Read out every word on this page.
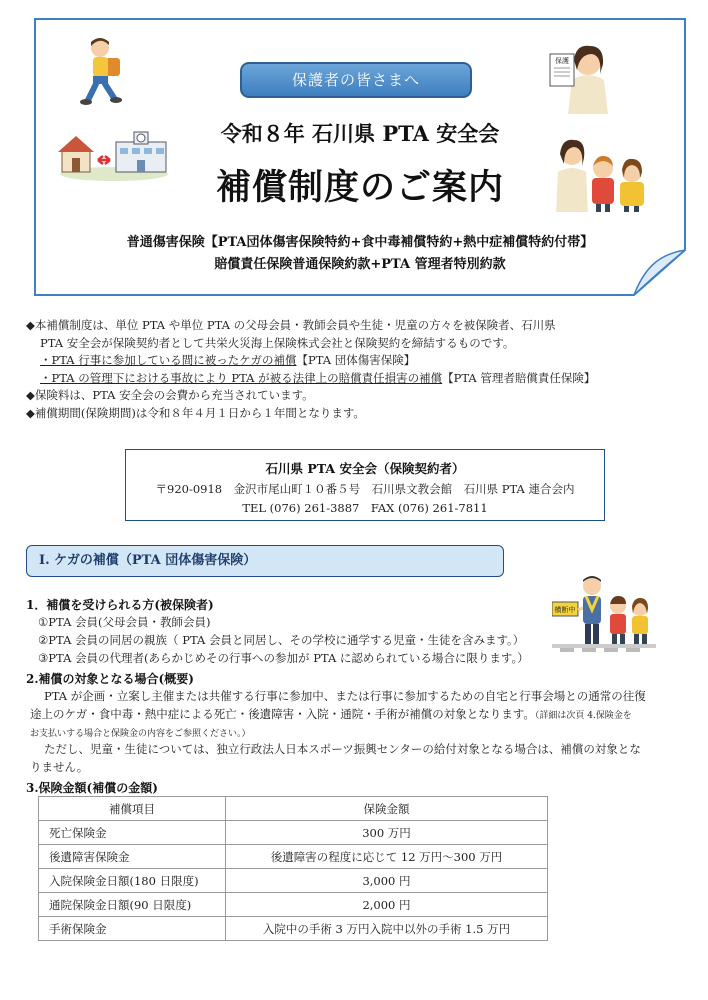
保護者の皆さまへ
令和８年 石川県 PTA 安全会
補償制度のご案内
普通傷害保険【PTA団体傷害保険特約+食中毒補償特約+熱中症補償特約付帯】
賠償責任保険普通保険約款+PTA 管理者特別約款
保護
◆本補償制度は、単位 PTA や単位 PTA の父母会員・教師会員や生徒・児童の方々を被保険者、石川県
PTA 安全会が保険契約者として共栄火災海上保険株式会社と保険契約を締結するものです。
・PTA 行事に参加している間に被ったケガの補償【PTA 団体傷害保険】
・PTA の管理下における事故により PTA が被る法律上の賠償責任損害の補償【PTA 管理者賠償責任保険】
◆保険料は、PTA 安全会の会費から充当されています。
◆補償期間(保険期間)は令和８年４月１日から１年間となります。
石川県 PTA 安全会（保険契約者）
〒920-0918　金沢市尾山町１０番５号　石川県文教会館　石川県 PTA 連合会内
TEL (076) 261-3887　FAX (076) 261-7811
Ⅰ. ケガの補償（PTA 団体傷害保険）
横断中
1．補償を受けられる方(被保険者)
①PTA 会員(父母会員・教師会員)
②PTA 会員の同居の親族（ PTA 会員と同居し、その学校に通学する児童・生徒を含みます。）
③PTA 会員の代理者(あらかじめその行事への参加が PTA に認められている場合に限ります。）
2.補償の対象となる場合(概要)
PTA が企画・立案し主催または共催する行事に参加中、または行事に参加するための自宅と行事会場との通常の往復
途上のケガ・食中毒・熱中症による死亡・後遺障害・入院・通院・手術が補償の対象となります。（詳細は次頁 4.保険金を
お支払いする場合と保険金の内容をご参照ください。）
ただし、児童・生徒については、独立行政法人日本スポーツ振興センターの給付対象となる場合は、補償の対象とな
りません。
3.保険金額(補償の金額)
補償項目	保険金額
死亡保険金	300 万円
後遺障害保険金	後遺障害の程度に応じて 12 万円～300 万円
入院保険金日額(180 日限度)	3,000 円
通院保険金日額(90 日限度)	2,000 円
手術保険金	入院中の手術 3 万円入院中以外の手術 1.5 万円
